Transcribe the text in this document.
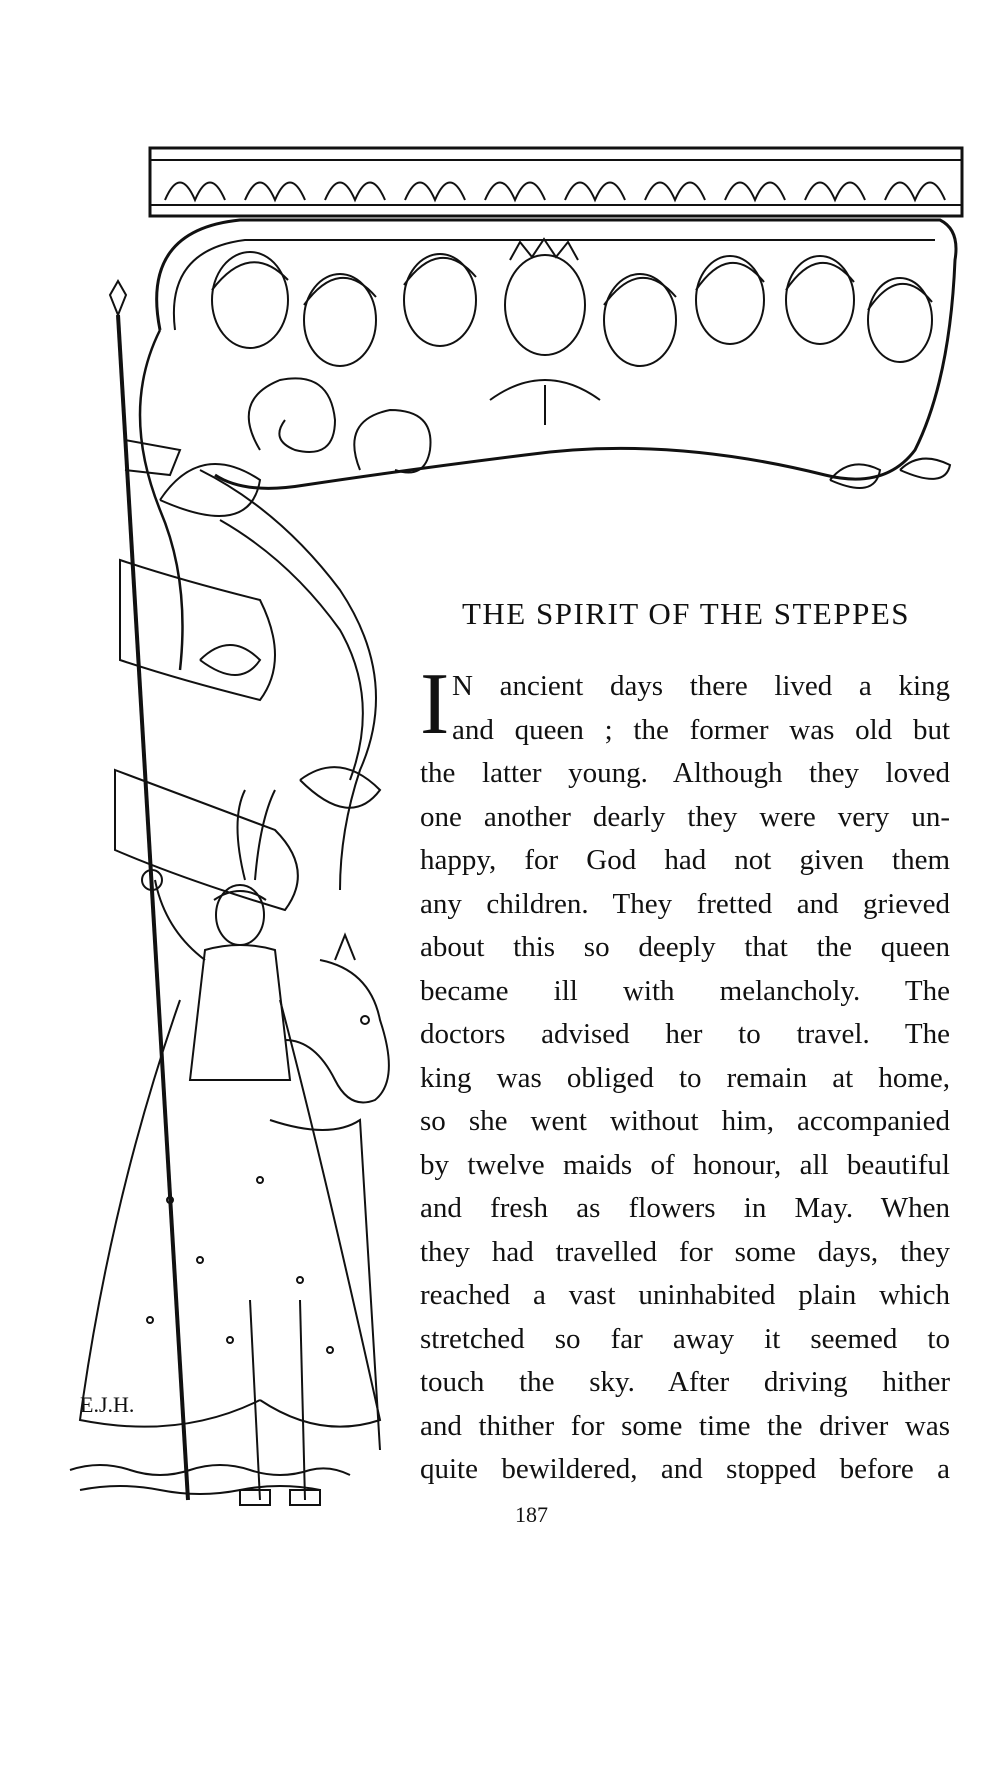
E.J.H.
THE SPIRIT OF THE STEPPES
I N ancient days there lived a king
and queen ; the former was old but
the latter young. Although they loved
one another dearly they were very un-
happy, for God had not given them
any children. They fretted and grieved
about this so deeply that the queen
became ill with melancholy. The
doctors advised her to travel. The
king was obliged to remain at home,
so she went without him, accompanied
by twelve maids of honour, all beautiful
and fresh as flowers in May. When
they had travelled for some days, they
reached a vast uninhabited plain which
stretched so far away it seemed to
touch the sky. After driving hither
and thither for some time the driver was
quite bewildered, and stopped before a
187
